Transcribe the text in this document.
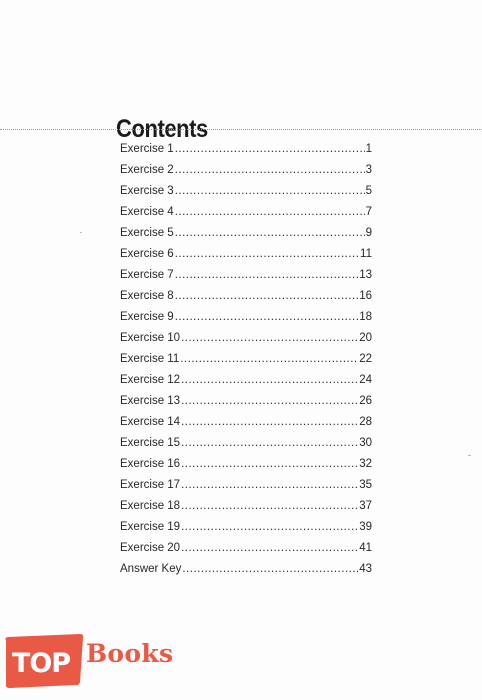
Contents
Exercise 1 .....	1
Exercise 2 .....	3
Exercise 3 .....	5
Exercise 4 .....	7
Exercise 5 .....	9
Exercise 6 .....	11
Exercise 7 .....	13
Exercise 8 .....	16
Exercise 9 .....	18
Exercise 10 .....	20
Exercise 11 .....	22
Exercise 12 .....	24
Exercise 13 .....	26
Exercise 14 .....	28
Exercise 15 .....	30
Exercise 16 .....	32
Exercise 17 .....	35
Exercise 18 .....	37
Exercise 19 .....	39
Exercise 20 .....	41
Answer Key .....	43
TOP Books
